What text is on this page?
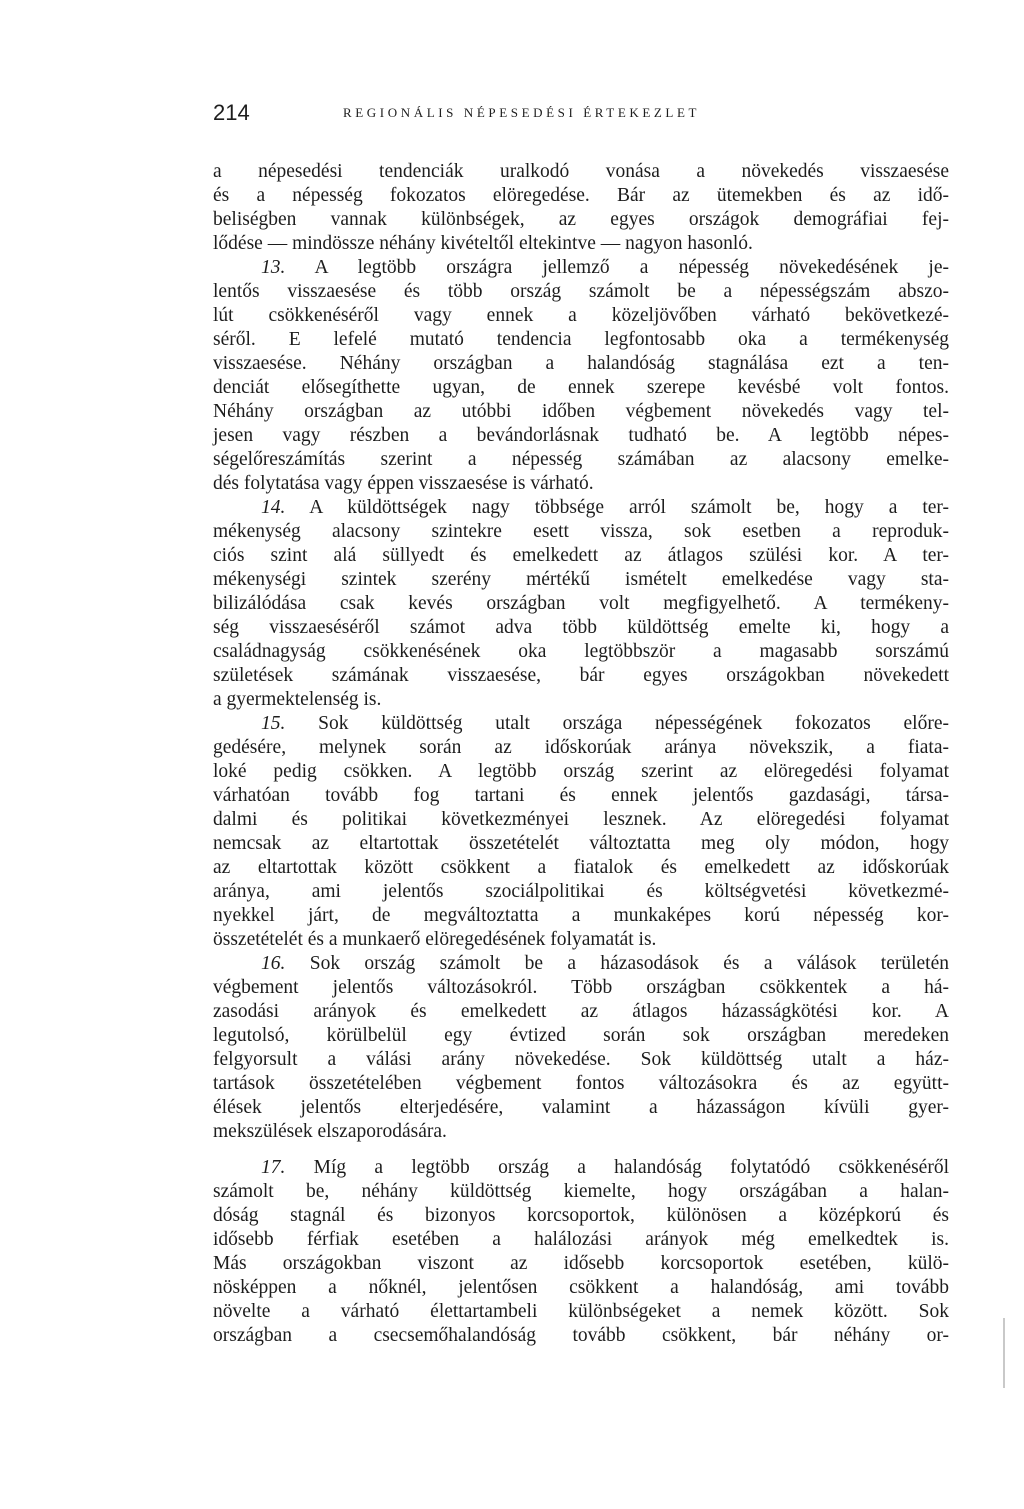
214	REGIONÁLIS NÉPESEDÉSI ÉRTEKEZLET
a népesedési tendenciák uralkodó vonása a növekedés visszaesése
és a népesség fokozatos elöregedése. Bár az ütemekben és az idő-
beliségben vannak különbségek, az egyes országok demográfiai fej-
lődése — mindössze néhány kivételtől eltekintve — nagyon hasonló.
13. A legtöbb országra jellemző a népesség növekedésének je-
lentős visszaesése és több ország számolt be a népességszám abszo-
lút csökkenéséről vagy ennek a közeljövőben várható bekövetkezé-
séről. E lefelé mutató tendencia legfontosabb oka a termékenység
visszaesése. Néhány országban a halandóság stagnálása ezt a ten-
denciát elősegíthette ugyan, de ennek szerepe kevésbé volt fontos.
Néhány országban az utóbbi időben végbement növekedés vagy tel-
jesen vagy részben a bevándorlásnak tudható be. A legtöbb népes-
ségelőreszámítás szerint a népesség számában az alacsony emelke-
dés folytatása vagy éppen visszaesése is várható.
14. A küldöttségek nagy többsége arról számolt be, hogy a ter-
mékenység alacsony szintekre esett vissza, sok esetben a reproduk-
ciós szint alá süllyedt és emelkedett az átlagos szülési kor. A ter-
mékenységi szintek szerény mértékű ismételt emelkedése vagy sta-
bilizálódása csak kevés országban volt megfigyelhető. A termékeny-
ség visszaeséséről számot adva több küldöttség emelte ki, hogy a
családnagyság csökkenésének oka legtöbbször a magasabb sorszámú
születések számának visszaesése, bár egyes országokban növekedett
a gyermektelenség is.
15. Sok küldöttség utalt országa népességének fokozatos előre-
gedésére, melynek során az időskorúak aránya növekszik, a fiata-
loké pedig csökken. A legtöbb ország szerint az elöregedési folyamat
várhatóan tovább fog tartani és ennek jelentős gazdasági, társa-
dalmi és politikai következményei lesznek. Az elöregedési folyamat
nemcsak az eltartottak összetételét változtatta meg oly módon, hogy
az eltartottak között csökkent a fiatalok és emelkedett az időskorúak
aránya, ami jelentős szociálpolitikai és költségvetési következmé-
nyekkel járt, de megváltoztatta a munkaképes korú népesség kor-
összetételét és a munkaerő elöregedésének folyamatát is.
16. Sok ország számolt be a házasodások és a válások területén
végbement jelentős változásokról. Több országban csökkentek a há-
zasodási arányok és emelkedett az átlagos házasságkötési kor. A
legutolsó, körülbelül egy évtized során sok országban meredeken
felgyorsult a válási arány növekedése. Sok küldöttség utalt a ház-
tartások összetételében végbement fontos változásokra és az együtt-
élések jelentős elterjedésére, valamint a házasságon kívüli gyer-
mekszülések elszaporodására.
17. Míg a legtöbb ország a halandóság folytatódó csökkenéséről
számolt be, néhány küldöttség kiemelte, hogy országában a halan-
dóság stagnál és bizonyos korcsoportok, különösen a középkorú és
idősebb férfiak esetében a halálozási arányok még emelkedtek is.
Más országokban viszont az idősebb korcsoportok esetében, külö-
nösképpen a nőknél, jelentősen csökkent a halandóság, ami tovább
növelte a várható élettartambeli különbségeket a nemek között. Sok
országban a csecsemőhalandóság tovább csökkent, bár néhány or-
